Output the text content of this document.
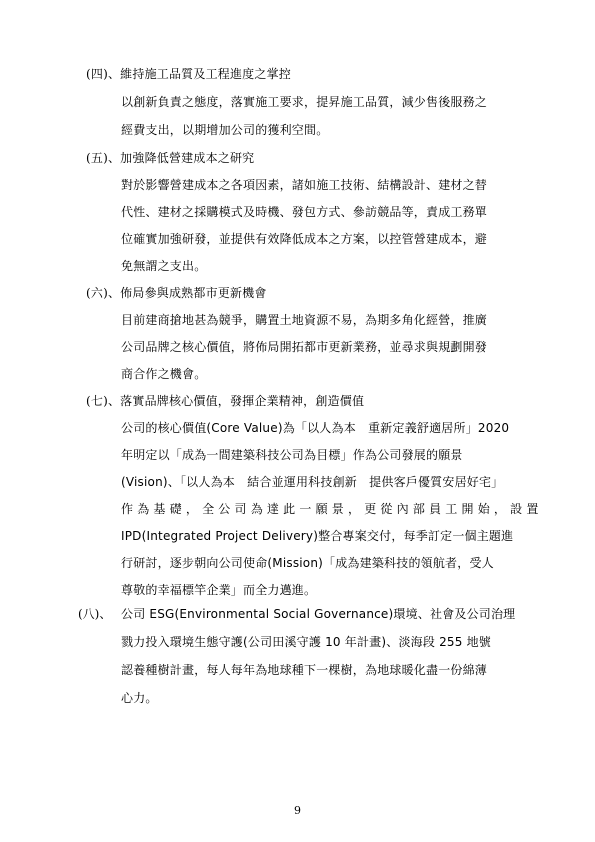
(四)、維持施工品質及工程進度之掌控
以創新負責之態度，落實施工要求，提昇施工品質，減少售後服務之
經費支出，以期增加公司的獲利空間。
(五)、加強降低營建成本之研究
對於影響營建成本之各項因素，諸如施工技術、結構設計、建材之替
代性、建材之採購模式及時機、發包方式、參訪競品等，責成工務單
位確實加強研發，並提供有效降低成本之方案，以控管營建成本，避
免無謂之支出。
(六)、佈局參與成熟都市更新機會
目前建商搶地甚為競爭，購置土地資源不易，為期多角化經營，推廣
公司品牌之核心價值，將佈局開拓都市更新業務，並尋求與規劃開發
商合作之機會。
(七)、落實品牌核心價值，發揮企業精神，創造價值
公司的核心價值(Core Value)為「以人為本　重新定義舒適居所」2020
年明定以「成為一間建築科技公司為目標」作為公司發展的願景
(Vision)、「以人為本　結合並運用科技創新　提供客戶優質安居好宅」
作 為 基 礎 ， 全 公 司 為 達 此 一 願 景 ， 更 從 內 部 員 工 開 始 ， 設 置
IPD(Integrated Project Delivery)整合專案交付，每季訂定一個主題進
行研討，逐步朝向公司使命(Mission)「成為建築科技的領航者，受人
尊敬的幸福標竿企業」而全力邁進。
(八)、 公司 ESG(Environmental Social Governance)環境、社會及公司治理
戮力投入環境生態守護(公司田溪守護 10 年計畫)、淡海段 255 地號
認養種樹計畫，每人每年為地球種下一棵樹，為地球暖化盡一份綿薄
心力。
9
